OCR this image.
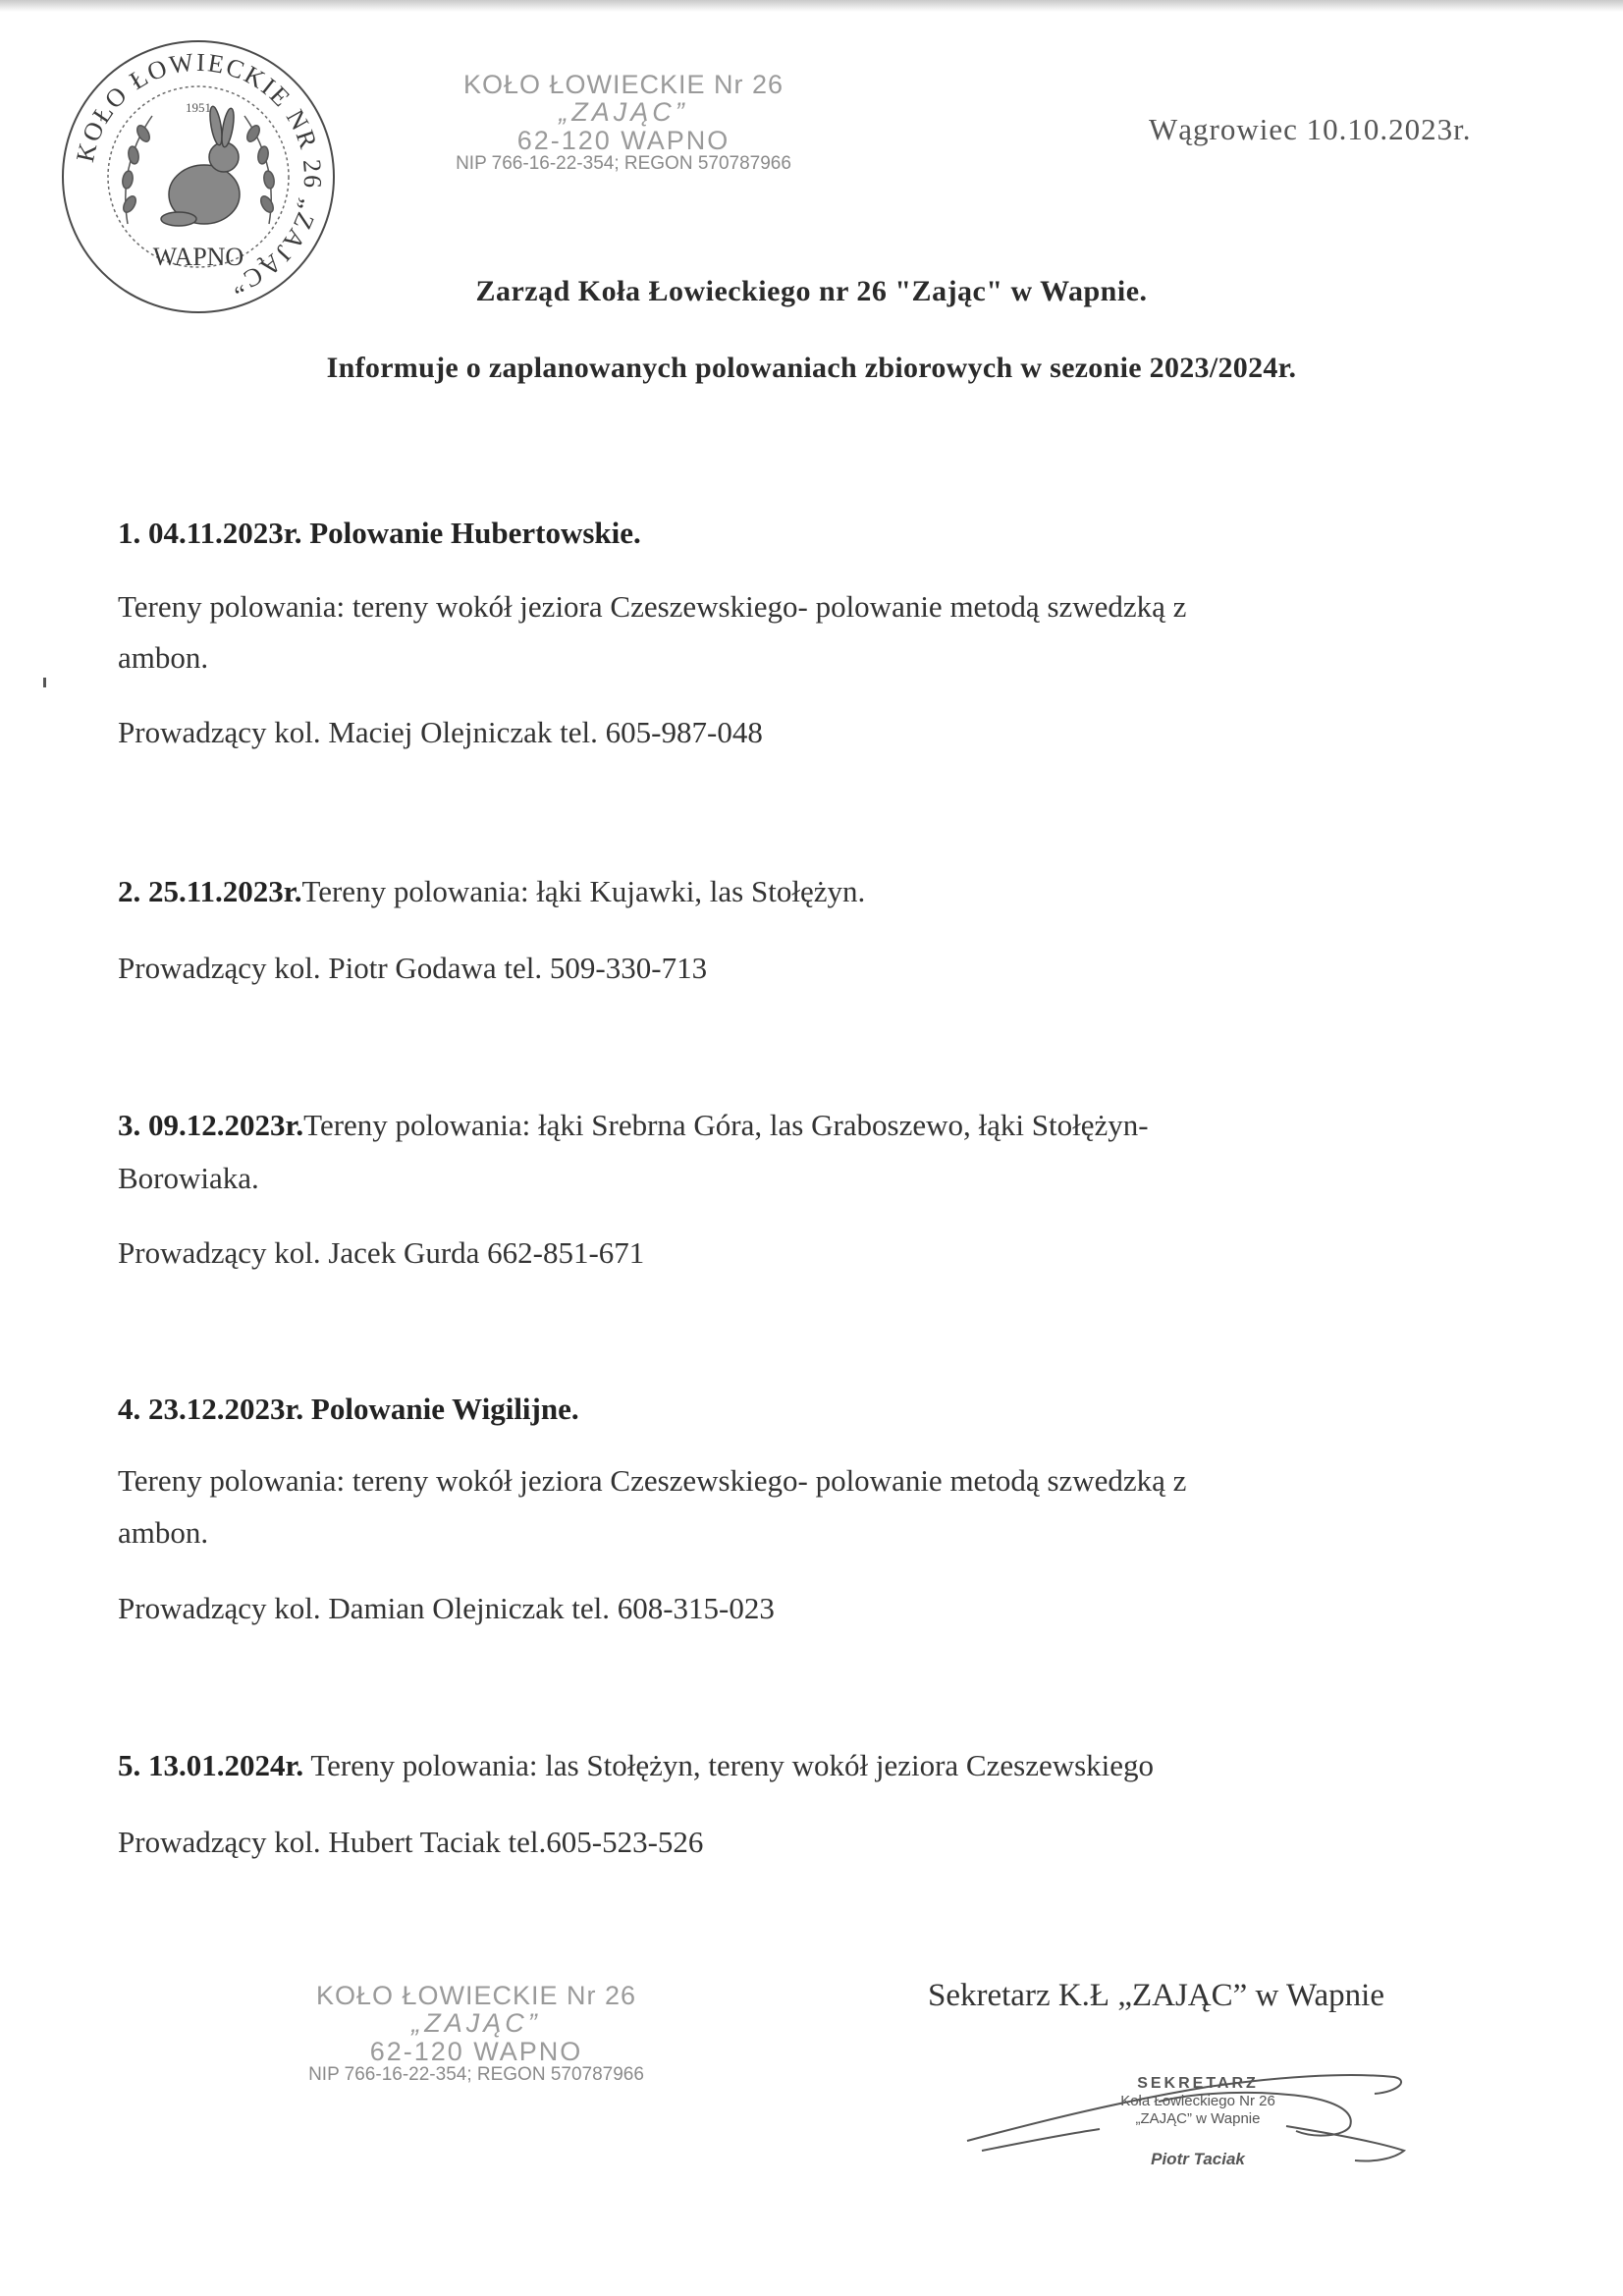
KOŁO ŁOWIECKIE NR 26 „ZAJĄC”
1951
WAPNO
KOŁO ŁOWIECKIE Nr 26
„ZAJĄC”
62-120 WAPNO
NIP 766-16-22-354; REGON 570787966
Wągrowiec 10.10.2023r.
Zarząd Koła Łowieckiego nr 26 "Zając" w Wapnie.
Informuje o zaplanowanych polowaniach zbiorowych w sezonie 2023/2024r.
1. 04.11.2023r. Polowanie Hubertowskie.
Tereny polowania: tereny wokół jeziora Czeszewskiego- polowanie metodą szwedzką z
ambon.
Prowadzący kol. Maciej Olejniczak tel. 605-987-048
2. 25.11.2023r.Tereny polowania: łąki Kujawki, las Stołężyn.
Prowadzący kol. Piotr Godawa tel. 509-330-713
3. 09.12.2023r.Tereny polowania: łąki Srebrna Góra, las Graboszewo, łąki Stołężyn-
Borowiaka.
Prowadzący kol. Jacek Gurda 662-851-671
4. 23.12.2023r. Polowanie Wigilijne.
Tereny polowania: tereny wokół jeziora Czeszewskiego- polowanie metodą szwedzką z
ambon.
Prowadzący kol. Damian Olejniczak tel. 608-315-023
5. 13.01.2024r. Tereny polowania: las Stołężyn, tereny wokół jeziora Czeszewskiego
Prowadzący kol. Hubert Taciak tel.605-523-526
KOŁO ŁOWIECKIE Nr 26
„ZAJĄC”
62-120 WAPNO
NIP 766-16-22-354; REGON 570787966
Sekretarz K.Ł „ZAJĄC” w Wapnie
SEKRETARZ
Koła Łowieckiego Nr 26
„ZAJĄC” w Wapnie
Piotr Taciak
